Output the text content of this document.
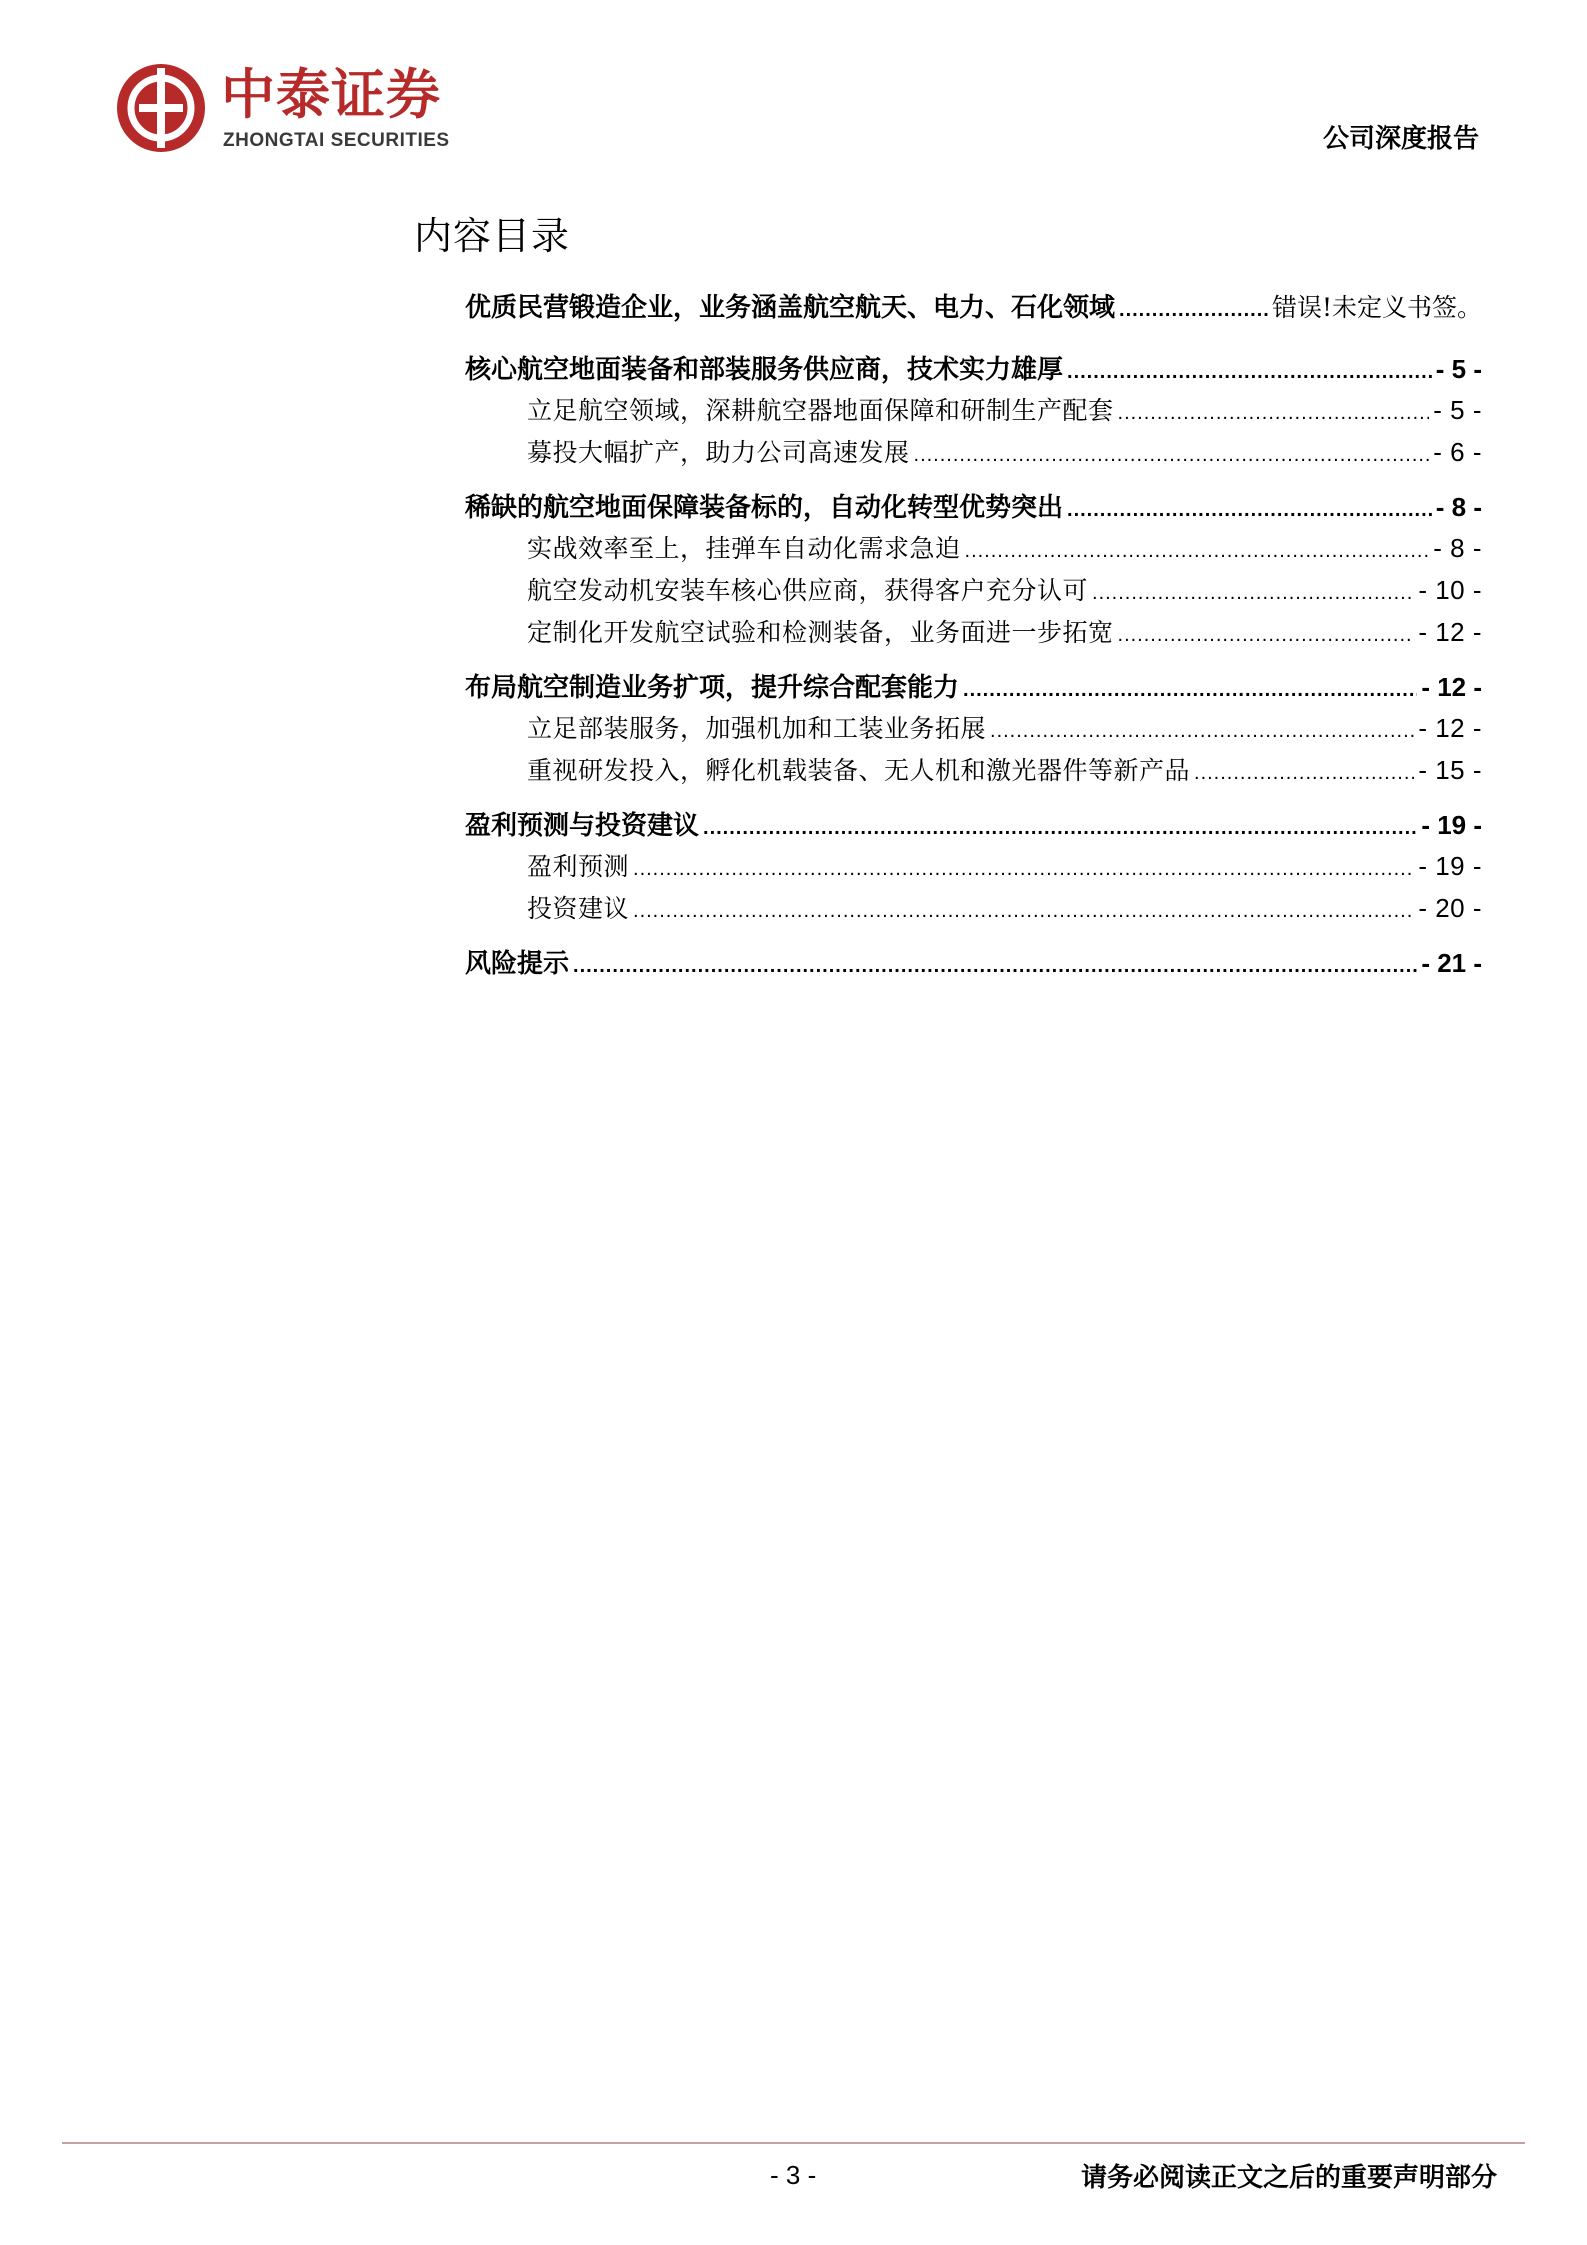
中泰证券
ZHONGTAI SECURITIES	公司深度报告
内容目录
优质民营锻造企业，业务涵盖航空航天、电力、石化领域 .....	错误!未定义书签。
核心航空地面装备和部装服务供应商，技术实力雄厚 .....	- 5 -
立足航空领域，深耕航空器地面保障和研制生产配套 .....	- 5 -
募投大幅扩产，助力公司高速发展 .....	- 6 -
稀缺的航空地面保障装备标的，自动化转型优势突出 .....	- 8 -
实战效率至上，挂弹车自动化需求急迫 .....	- 8 -
航空发动机安装车核心供应商，获得客户充分认可 .....	- 10 -
定制化开发航空试验和检测装备，业务面进一步拓宽 .....	- 12 -
布局航空制造业务扩项，提升综合配套能力 .....	- 12 -
立足部装服务，加强机加和工装业务拓展 .....	- 12 -
重视研发投入，孵化机载装备、无人机和激光器件等新产品 .....	- 15 -
盈利预测与投资建议 .....	- 19 -
盈利预测 .....	- 19 -
投资建议 .....	- 20 -
风险提示 .....	- 21 -
- 3 -	请务必阅读正文之后的重要声明部分
